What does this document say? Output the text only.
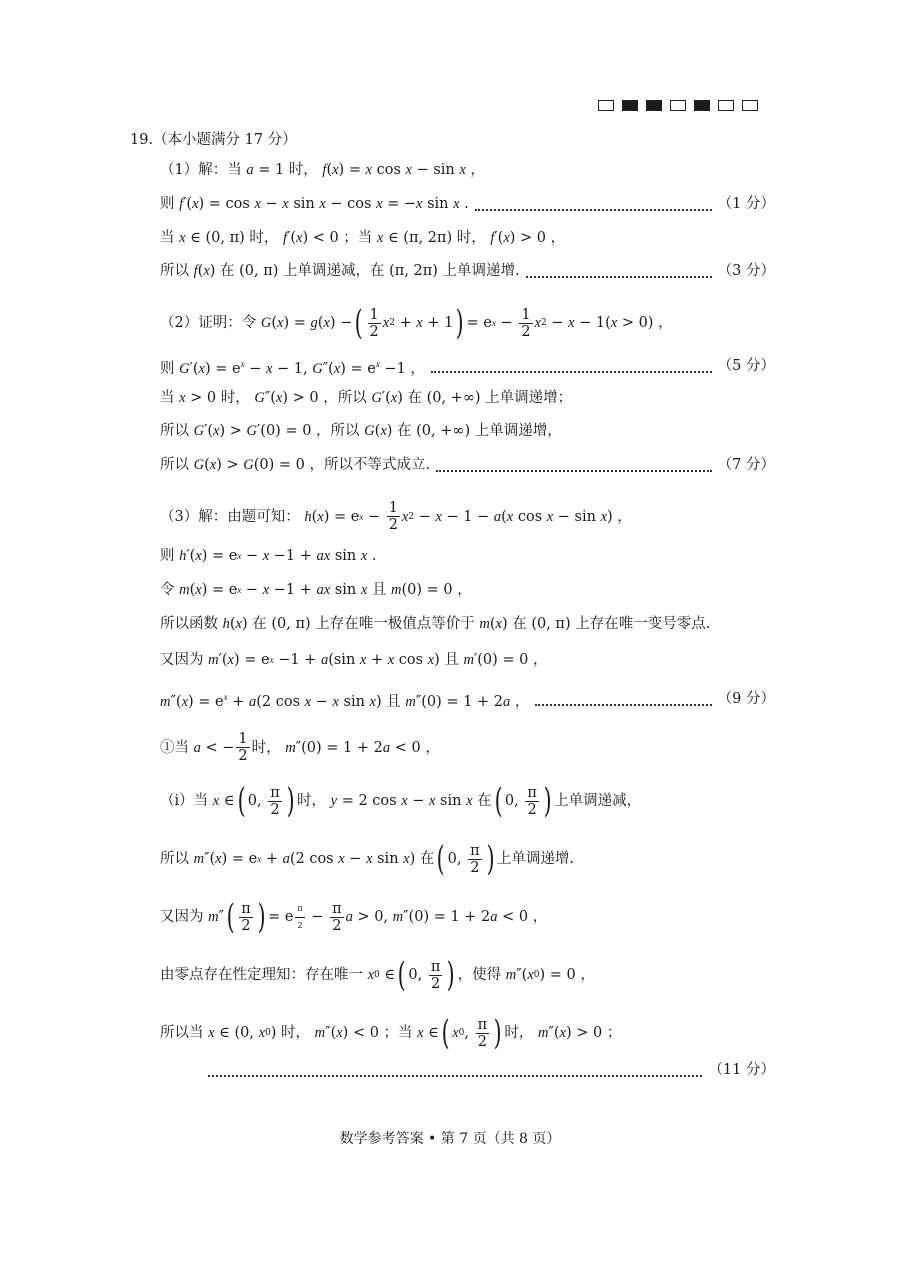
19. （本小题满分 17 分）
（1）解：当 a = 1 时， f ( x ) = x cos x − sin x ，
则 f′(x) = cos x − x sin x − cos x = −x sin x .	（1 分）
当 x ∈ (0, π) 时， f ′( x ) < 0 ；当 x ∈ (π, 2π) 时， f ′( x ) > 0 ，
所以 f(x) 在 (0, π) 上单调递减，在 (π, 2π) 上单调递增.	（3 分）
（2）证明：令 G ( x ) = g ( x ) − ( $\frac{1}{2}$ x 2 + x + 1 ) = e $x - \frac{1}{2}$ x 2 − x − 1( x > 0) ，
则 $G'(x) = e^x - x - 1$, $G''(x) = e^x -1$ ，	（5 分）
当 x > 0 时， G ″( x ) > 0 ，所以 G ′( x ) 在 (0, +∞) 上单调递增；
所以 G ′( x ) > G ′(0) = 0 ，所以 G ( x ) 在 (0, +∞) 上单调递增，
所以 G(x) > G(0) = 0 ，所以不等式成立.	（7 分）
（3）解：由题可知： h ( x ) = e $x - \frac{1}{2}$ x 2 − x − 1 − a ( x cos x − sin x ) ，
则 h ′( x ) = e x − x −1 + ax sin x .
令 m ( x ) = e x − x −1 + ax sin x 且 m (0) = 0 ，
所以函数 h ( x ) 在 (0, π) 上存在唯一极值点等价于 m ( x ) 在 (0, π) 上存在唯一变号零点.
又因为 m ′( x ) = e x −1 + a (sin x + x cos x ) 且 m ′(0) = 0 ，
$m''(x) = e^x + a(2$ cos x − x sin x) 且 m″(0) = 1 + 2a ，	（9 分）
①当 a < − $\frac{1}{2}$ 时， m ″(0) = 1 + 2 a < 0 ，
（i）当 x ∈ ( 0, $\frac{\pi}{2}$ ) 时， y = 2 cos x − x sin x 在 ( 0, $\frac{\pi}{2}$ ) 上单调递减，
所以 m ″( x ) = e x + a (2 cos x − x sin x ) 在 ( 0, $\frac{\pi}{2}$ ) 上单调递增.
又因为 m ″ ( $\frac{\pi}{2}$ ) = e $\frac{\pi}{2} - \frac{\pi}{2}$ a > 0, m ″(0) = 1 + 2 a < 0 ，
由零点存在性定理知：存在唯一 x 0 ∈ ( 0, $\frac{\pi}{2}$ ) ，使得 m ″( x 0 ) = 0 ，
所以当 x ∈ (0, x 0 ) 时， m ″( x ) < 0 ；当 x ∈ ( x 0 , $\frac{\pi}{2}$ ) 时， m ″( x ) > 0 ；
（11 分）
数学参考答案 • 第 7 页（共 8 页）
